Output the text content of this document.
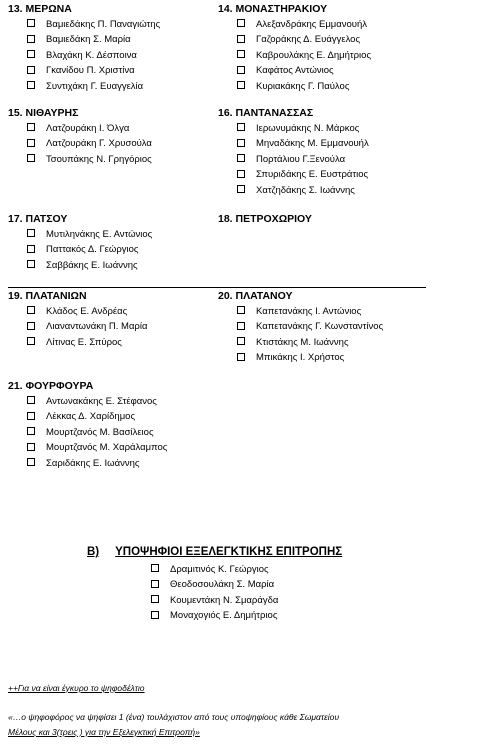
13. ΜΕΡΩΝΑ
Βαμιεδάκης Π. Παναγιώτης
Βαμιεδάκη Σ. Μαρία
Βλαχάκη Κ. Δέσποινα
Γκανίδου Π. Χριστίνα
Συντιχάκη Γ. Ευαγγελία
14. ΜΟΝΑΣΤΗΡΑΚΙΟΥ
Αλεξανδράκης Εμμανουήλ
Γαζοράκης Δ. Ευάγγελος
Καβρουλάκης Ε. Δημήτριος
Καφάτος Αντώνιος
Κυριακάκης Γ. Παύλος
15. ΝΙΘΑΥΡΗΣ
Λατζουράκη Ι. Όλγα
Λατζουράκη Γ. Χρυσούλα
Τσουπάκης Ν. Γρηγόριος
16. ΠΑΝΤΑΝΑΣΣΑΣ
Ιερωνυμάκης Ν. Μάρκος
Μηναδάκης Μ. Εμμανουήλ
Πορτάλιου Γ.Ξενούλα
Σπυριδάκης Ε. Ευστράτιος
Χατζηδάκης Σ. Ιωάννης
17. ΠΑΤΣΟΥ
Μυτιληνάκης Ε. Αντώνιος
Παττακός Δ. Γεώργιος
Σαββάκης Ε. Ιωάννης
18. ΠΕΤΡΟΧΩΡΙΟΥ
19. ΠΛΑΤΑΝΙΩΝ
Κλάδος Ε. Ανδρέας
Λιαναντωνάκη Π. Μαρία
Λίτινας Ε. Σπύρος
20. ΠΛΑΤΑΝΟΥ
Καπετανάκης Ι. Αντώνιος
Καπετανάκης Γ. Κωνσταντίνος
Κτιστάκης Μ. Ιωάννης
Μπικάκης Ι. Χρήστος
21. ΦΟΥΡΦΟΥΡΑ
Αντωνακάκης Ε. Στέφανος
Λέκκας Δ. Χαρίδημος
Μουρτζανός Μ. Βασίλειος
Μουρτζανός Μ. Χαράλαμπος
Σαριδάκης Ε. Ιωάννης
Β) ΥΠΟΨΗΦΙΟΙ ΕΞΕΛΕΓΚΤΙΚΗΣ ΕΠΙΤΡΟΠΗΣ
Δραμιτινός Κ. Γεώργιος
Θεοδοσουλάκη Σ. Μαρία
Κουμεντάκη Ν. Σμαράγδα
Μοναχογιός Ε. Δημήτριος
++Για να είναι έγκυρο το ψηφοδέλτιο
«…ο ψηφοφόρος να ψηφίσει 1 (ένα) τουλάχιστον από τους υποψηφίους κάθε Σωματείου
Μέλους και 3(τρεις ) για την Εξελεγκτική Επιτροπή»
